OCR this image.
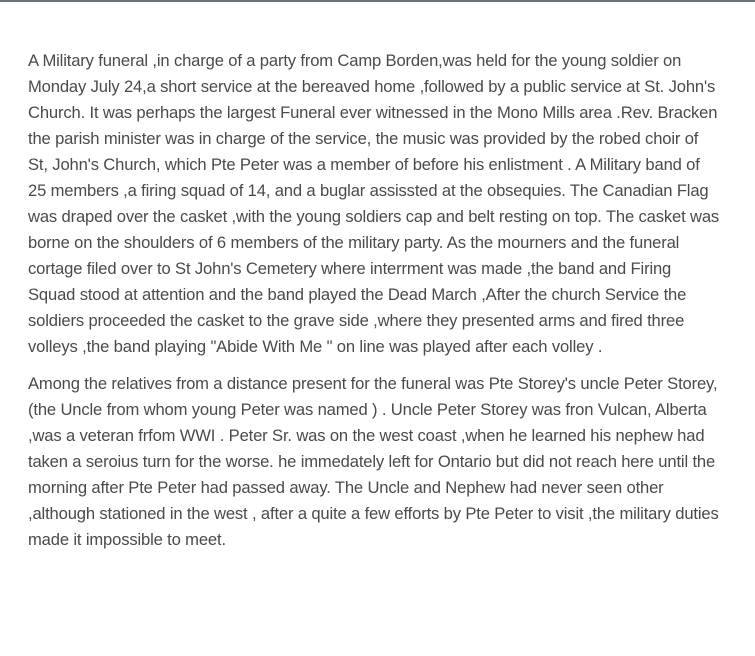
A Military funeral ,in charge of a party from Camp Borden,was held for the young soldier on Monday July 24,a short service at the bereaved home ,followed by a public service at St. John's Church. It was perhaps the largest Funeral ever witnessed in the Mono Mills area .Rev. Bracken the parish minister was in charge of the service, the music was provided by the robed choir of St, John's Church, which Pte Peter was a member of before his enlistment . A Military band of 25 members ,a firing squad of 14, and a buglar assissted at the obsequies. The Canadian Flag was draped over the casket ,with the young soldiers cap and belt resting on top. The casket was borne on the shoulders of 6 members of the military party. As the mourners and the funeral cortage filed over to St John's Cemetery where interrment was made ,the band and Firing Squad stood at attention and the band played the Dead March ,After the church Service the soldiers proceeded the casket to the grave side ,where they presented arms and fired three volleys ,the band playing "Abide With Me " on line was played after each volley .

Among the relatives from a distance present for the funeral was Pte Storey's uncle Peter Storey, (the Uncle from whom young Peter was named ) . Uncle Peter Storey was fron Vulcan, Alberta ,was a veteran frfom WWI . Peter Sr. was on the west coast ,when he learned his nephew had taken a seroius turn for the worse. he immedately left for Ontario but did not reach here until the morning after Pte Peter had passed away. The Uncle and Nephew had never seen other ,although stationed in the west , after a quite a few efforts by Pte Peter to visit ,the military duties made it impossible to meet.
